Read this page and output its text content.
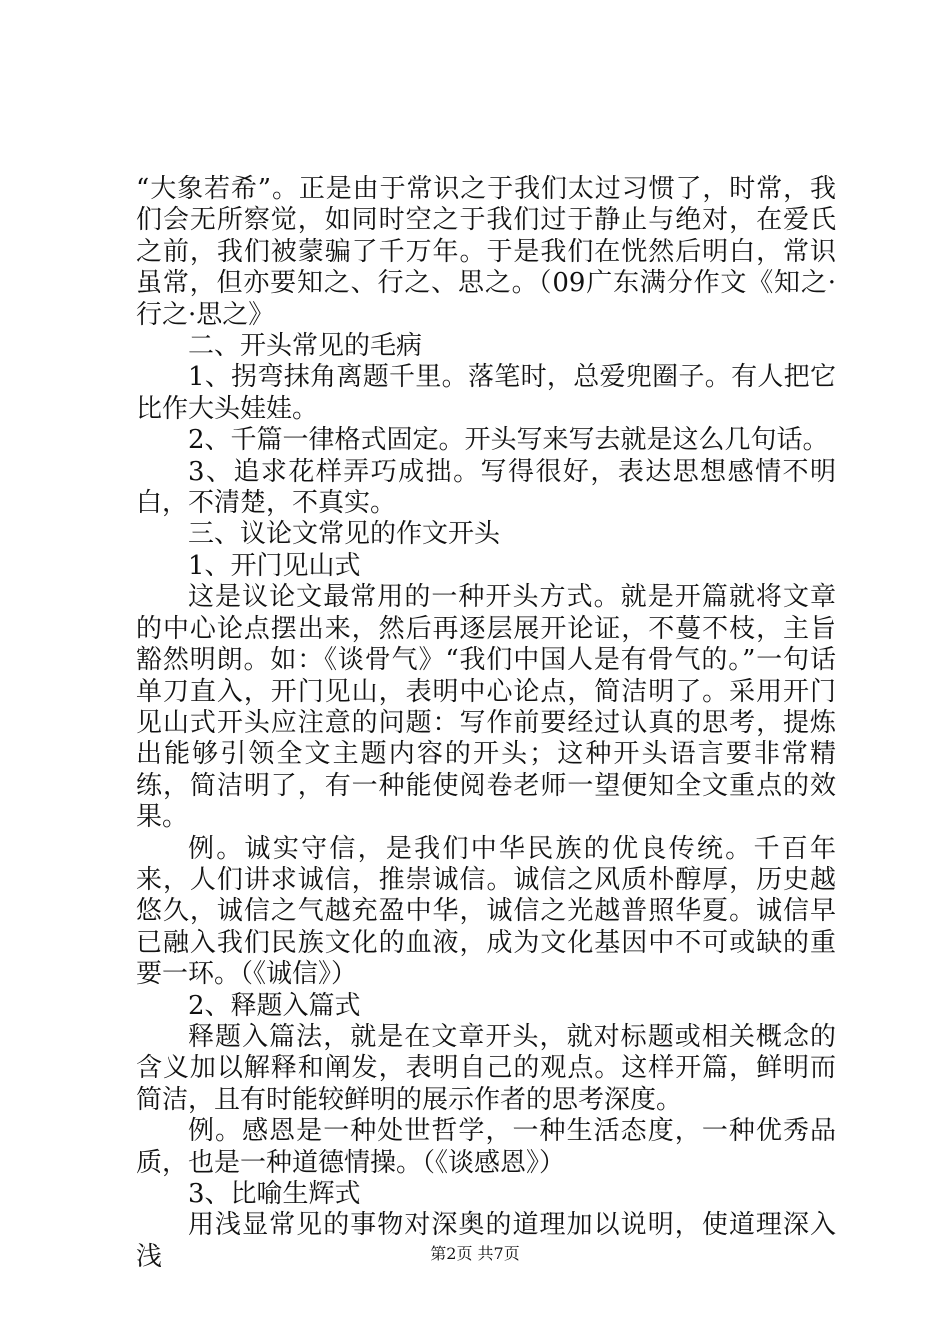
“大象若希”。正是由于常识之于我们太过习惯了，时常，我们会无所察觉，如同时空之于我们过于静止与绝对，在爱氏之前，我们被蒙骗了千万年。于是我们在恍然后明白，常识虽常，但亦要知之、行之、思之。（09广东满分作文《知之·行之·思之》

二、开头常见的毛病

1、拐弯抹角离题千里。落笔时，总爱兜圈子。有人把它比作大头娃娃。

2、千篇一律格式固定。开头写来写去就是这么几句话。

3、追求花样弄巧成拙。写得很好，表达思想感情不明白，不清楚，不真实。

三、议论文常见的作文开头

1、开门见山式

这是议论文最常用的一种开头方式。就是开篇就将文章的中心论点摆出来，然后再逐层展开论证，不蔓不枝，主旨豁然明朗。如：《谈骨气》“我们中国人是有骨气的。”一句话单刀直入，开门见山，表明中心论点，简洁明了。采用开门见山式开头应注意的问题：写作前要经过认真的思考，提炼出能够引领全文主题内容的开头；这种开头语言要非常精练，简洁明了，有一种能使阅卷老师一望便知全文重点的效果。

例。诚实守信，是我们中华民族的优良传统。千百年来，人们讲求诚信，推崇诚信。诚信之风质朴醇厚，历史越悠久，诚信之气越充盈中华，诚信之光越普照华夏。诚信早已融入我们民族文化的血液，成为文化基因中不可或缺的重要一环。（《诚信》）

2、释题入篇式

释题入篇法，就是在文章开头，就对标题或相关概念的含义加以解释和阐发，表明自己的观点。这样开篇，鲜明而简洁，且有时能较鲜明的展示作者的思考深度。

例。感恩是一种处世哲学，一种生活态度，一种优秀品质，也是一种道德情操。（《谈感恩》）

3、比喻生辉式

用浅显常见的事物对深奥的道理加以说明，使道理深入浅	第2页 共7页
